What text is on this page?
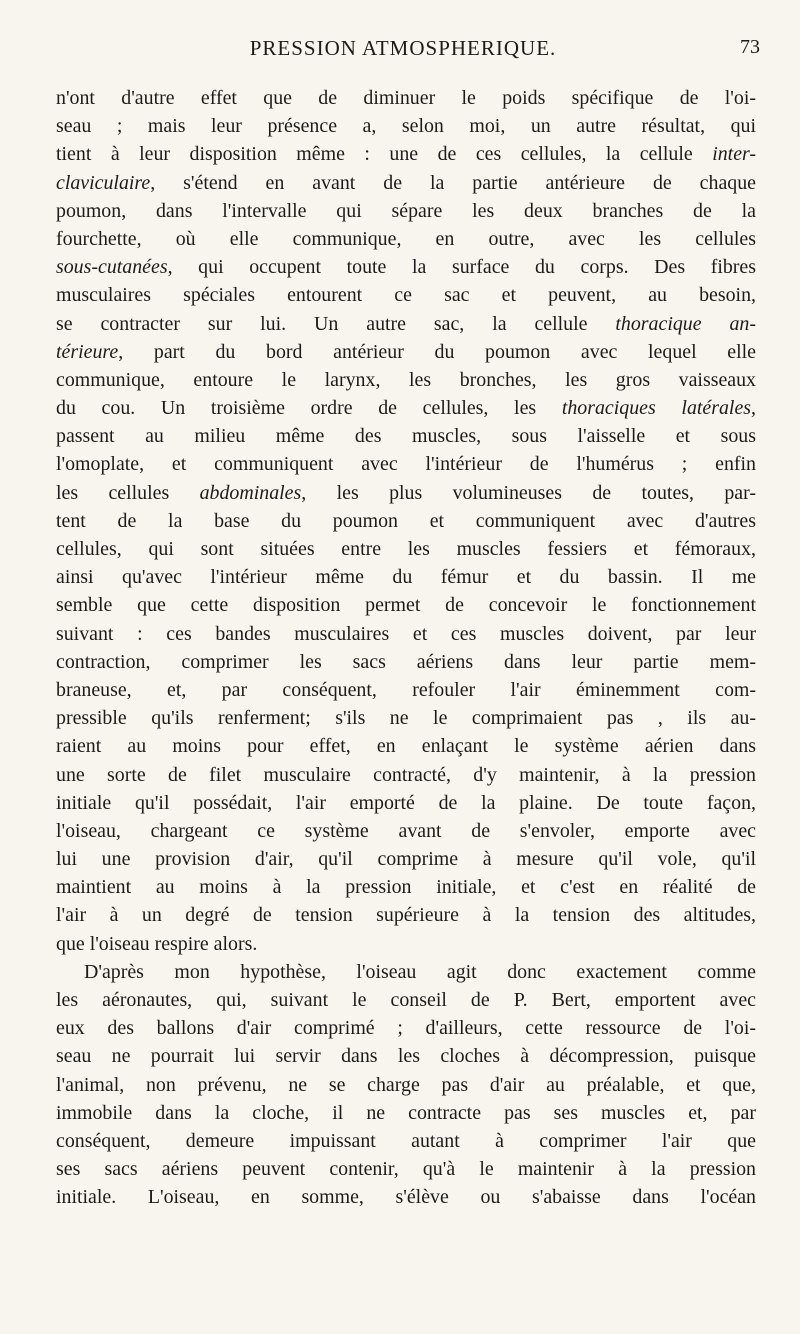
PRESSION ATMOSPHERIQUE.	73
n'ont d'autre effet que de diminuer le poids spécifique de l'oi-
seau ; mais leur présence a, selon moi, un autre résultat, qui
tient à leur disposition même : une de ces cellules, la cellule inter-
claviculaire, s'étend en avant de la partie antérieure de chaque
poumon, dans l'intervalle qui sépare les deux branches de la
fourchette, où elle communique, en outre, avec les cellules
sous-cutanées, qui occupent toute la surface du corps. Des fibres
musculaires spéciales entourent ce sac et peuvent, au besoin,
se contracter sur lui. Un autre sac, la cellule thoracique an-
térieure, part du bord antérieur du poumon avec lequel elle
communique, entoure le larynx, les bronches, les gros vaisseaux
du cou. Un troisième ordre de cellules, les thoraciques latérales,
passent au milieu même des muscles, sous l'aisselle et sous
l'omoplate, et communiquent avec l'intérieur de l'humérus ; enfin
les cellules abdominales, les plus volumineuses de toutes, par-
tent de la base du poumon et communiquent avec d'autres
cellules, qui sont situées entre les muscles fessiers et fémoraux,
ainsi qu'avec l'intérieur même du fémur et du bassin. Il me
semble que cette disposition permet de concevoir le fonctionnement
suivant : ces bandes musculaires et ces muscles doivent, par leur
contraction, comprimer les sacs aériens dans leur partie mem-
braneuse, et, par conséquent, refouler l'air éminemment com-
pressible qu'ils renferment; s'ils ne le comprimaient pas , ils au-
raient au moins pour effet, en enlaçant le système aérien dans
une sorte de filet musculaire contracté, d'y maintenir, à la pression
initiale qu'il possédait, l'air emporté de la plaine. De toute façon,
l'oiseau, chargeant ce système avant de s'envoler, emporte avec
lui une provision d'air, qu'il comprime à mesure qu'il vole, qu'il
maintient au moins à la pression initiale, et c'est en réalité de
l'air à un degré de tension supérieure à la tension des altitudes,
que l'oiseau respire alors.
D'après mon hypothèse, l'oiseau agit donc exactement comme
les aéronautes, qui, suivant le conseil de P. Bert, emportent avec
eux des ballons d'air comprimé ; d'ailleurs, cette ressource de l'oi-
seau ne pourrait lui servir dans les cloches à décompression, puisque
l'animal, non prévenu, ne se charge pas d'air au préalable, et que,
immobile dans la cloche, il ne contracte pas ses muscles et, par
conséquent, demeure impuissant autant à comprimer l'air que
ses sacs aériens peuvent contenir, qu'à le maintenir à la pression
initiale. L'oiseau, en somme, s'élève ou s'abaisse dans l'océan
